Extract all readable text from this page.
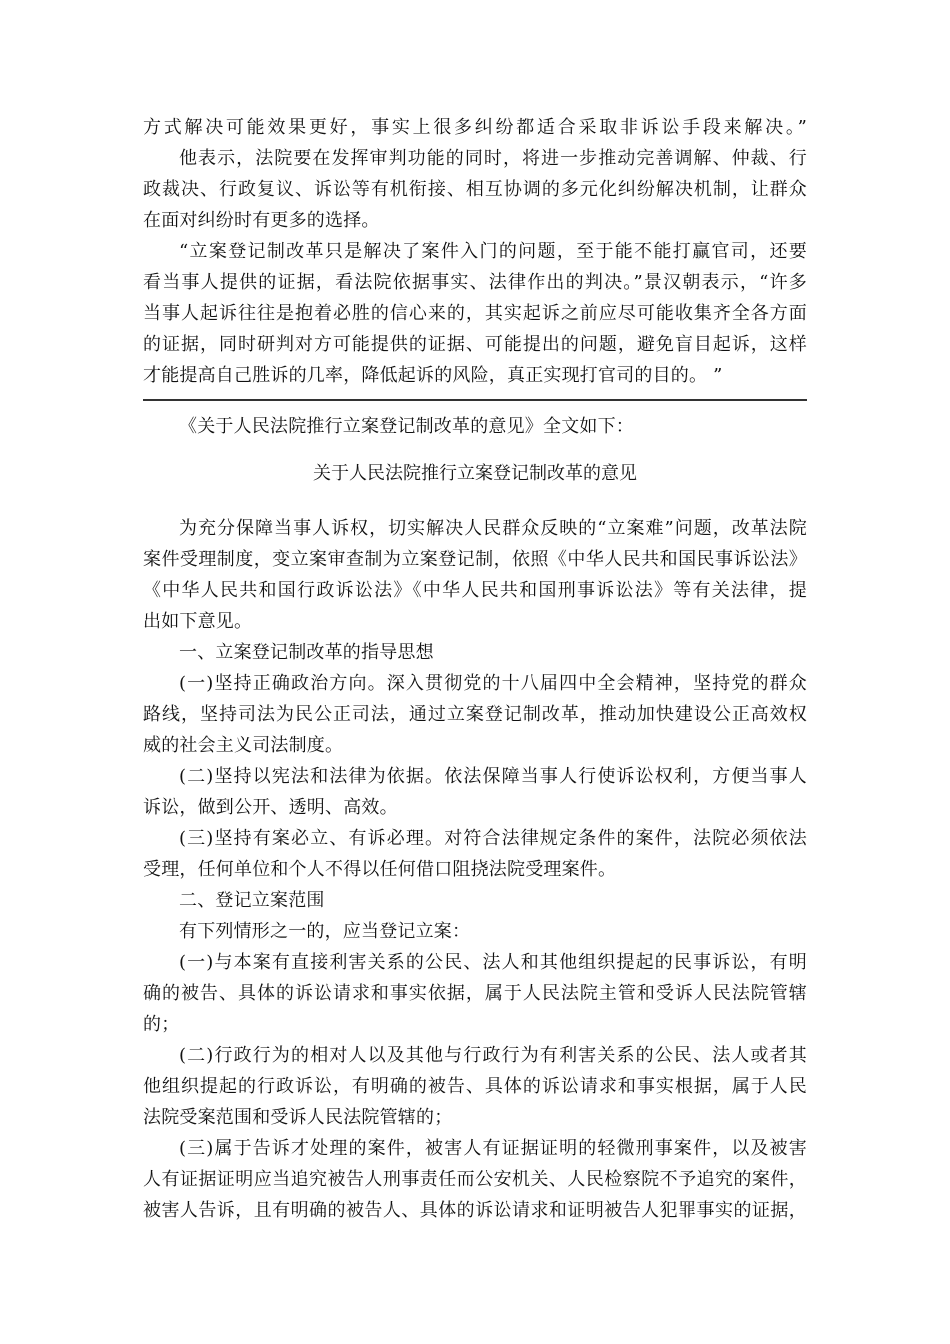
方式解决可能效果更好，事实上很多纠纷都适合采取非诉讼手段来解决。”
他表示，法院要在发挥审判功能的同时，将进一步推动完善调解、仲裁、行
政裁决、行政复议、诉讼等有机衔接、相互协调的多元化纠纷解决机制，让群众
在面对纠纷时有更多的选择。
“立案登记制改革只是解决了案件入门的问题，至于能不能打赢官司，还要
看当事人提供的证据，看法院依据事实、法律作出的判决。”景汉朝表示，“许多
当事人起诉往往是抱着必胜的信心来的，其实起诉之前应尽可能收集齐全各方面
的证据，同时研判对方可能提供的证据、可能提出的问题，避免盲目起诉，这样
才能提高自己胜诉的几率，降低起诉的风险，真正实现打官司的目的。 ”
《关于人民法院推行立案登记制改革的意见》全文如下：
关于人民法院推行立案登记制改革的意见
为充分保障当事人诉权，切实解决人民群众反映的“立案难”问题，改革法院
案件受理制度，变立案审查制为立案登记制，依照《中华人民共和国民事诉讼法》
《中华人民共和国行政诉讼法》《中华人民共和国刑事诉讼法》等有关法律，提
出如下意见。
一、立案登记制改革的指导思想
(一)坚持正确政治方向。深入贯彻党的十八届四中全会精神，坚持党的群众
路线，坚持司法为民公正司法，通过立案登记制改革，推动加快建设公正高效权
威的社会主义司法制度。
(二)坚持以宪法和法律为依据。依法保障当事人行使诉讼权利，方便当事人
诉讼，做到公开、透明、高效。
(三)坚持有案必立、有诉必理。对符合法律规定条件的案件，法院必须依法
受理，任何单位和个人不得以任何借口阻挠法院受理案件。
二、登记立案范围
有下列情形之一的，应当登记立案：
(一)与本案有直接利害关系的公民、法人和其他组织提起的民事诉讼，有明
确的被告、具体的诉讼请求和事实依据，属于人民法院主管和受诉人民法院管辖
的；
(二)行政行为的相对人以及其他与行政行为有利害关系的公民、法人或者其
他组织提起的行政诉讼，有明确的被告、具体的诉讼请求和事实根据，属于人民
法院受案范围和受诉人民法院管辖的；
(三)属于告诉才处理的案件，被害人有证据证明的轻微刑事案件，以及被害
人有证据证明应当追究被告人刑事责任而公安机关、人民检察院不予追究的案件，
被害人告诉，且有明确的被告人、具体的诉讼请求和证明被告人犯罪事实的证据，
